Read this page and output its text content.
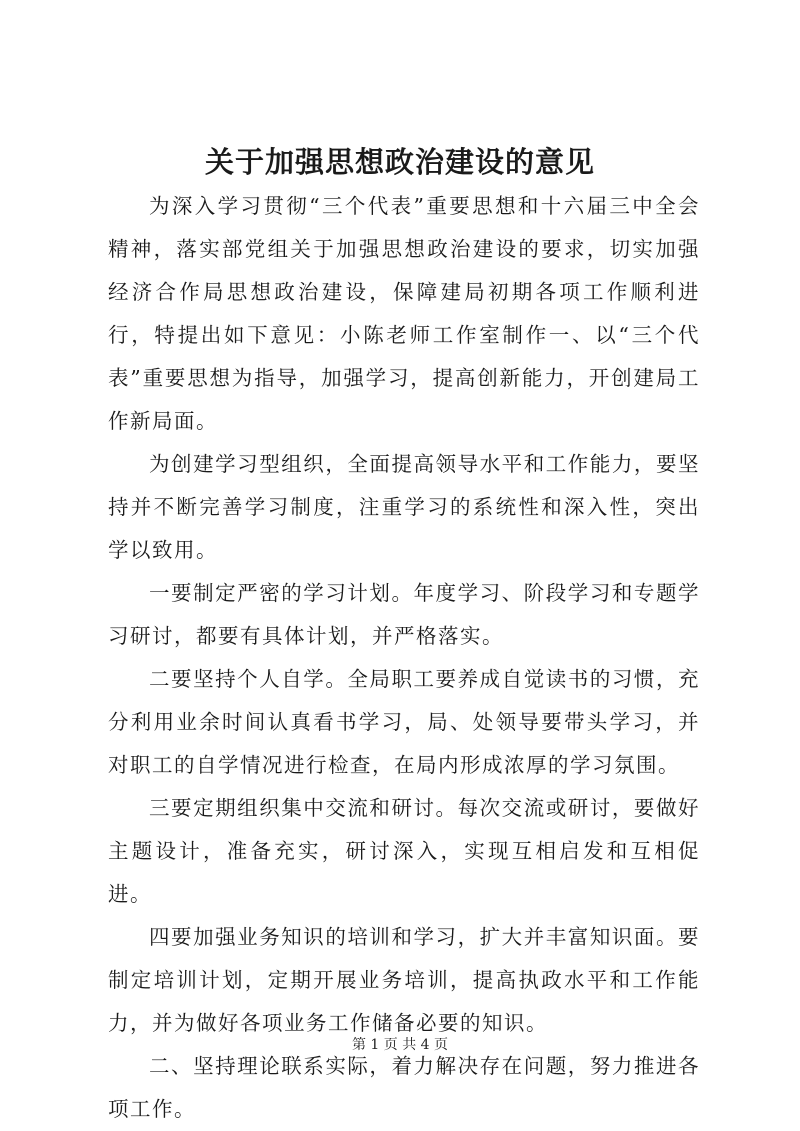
关于加强思想政治建设的意见

为深入学习贯彻“三个代表”重要思想和十六届三中全会精神，落实部党组关于加强思想政治建设的要求，切实加强经济合作局思想政治建设，保障建局初期各项工作顺利进行，特提出如下意见：小陈老师工作室制作一、以“三个代表”重要思想为指导，加强学习，提高创新能力，开创建局工作新局面。

为创建学习型组织，全面提高领导水平和工作能力，要坚持并不断完善学习制度，注重学习的系统性和深入性，突出学以致用。

一要制定严密的学习计划。年度学习、阶段学习和专题学习研讨，都要有具体计划，并严格落实。

二要坚持个人自学。全局职工要养成自觉读书的习惯，充分利用业余时间认真看书学习，局、处领导要带头学习，并对职工的自学情况进行检查，在局内形成浓厚的学习氛围。

三要定期组织集中交流和研讨。每次交流或研讨，要做好主题设计，准备充实，研讨深入，实现互相启发和互相促进。

四要加强业务知识的培训和学习，扩大并丰富知识面。要制定培训计划，定期开展业务培训，提高执政水平和工作能力，并为做好各项业务工作储备必要的知识。

二、坚持理论联系实际，着力解决存在问题，努力推进各项工作。

第 1 页 共 4 页
